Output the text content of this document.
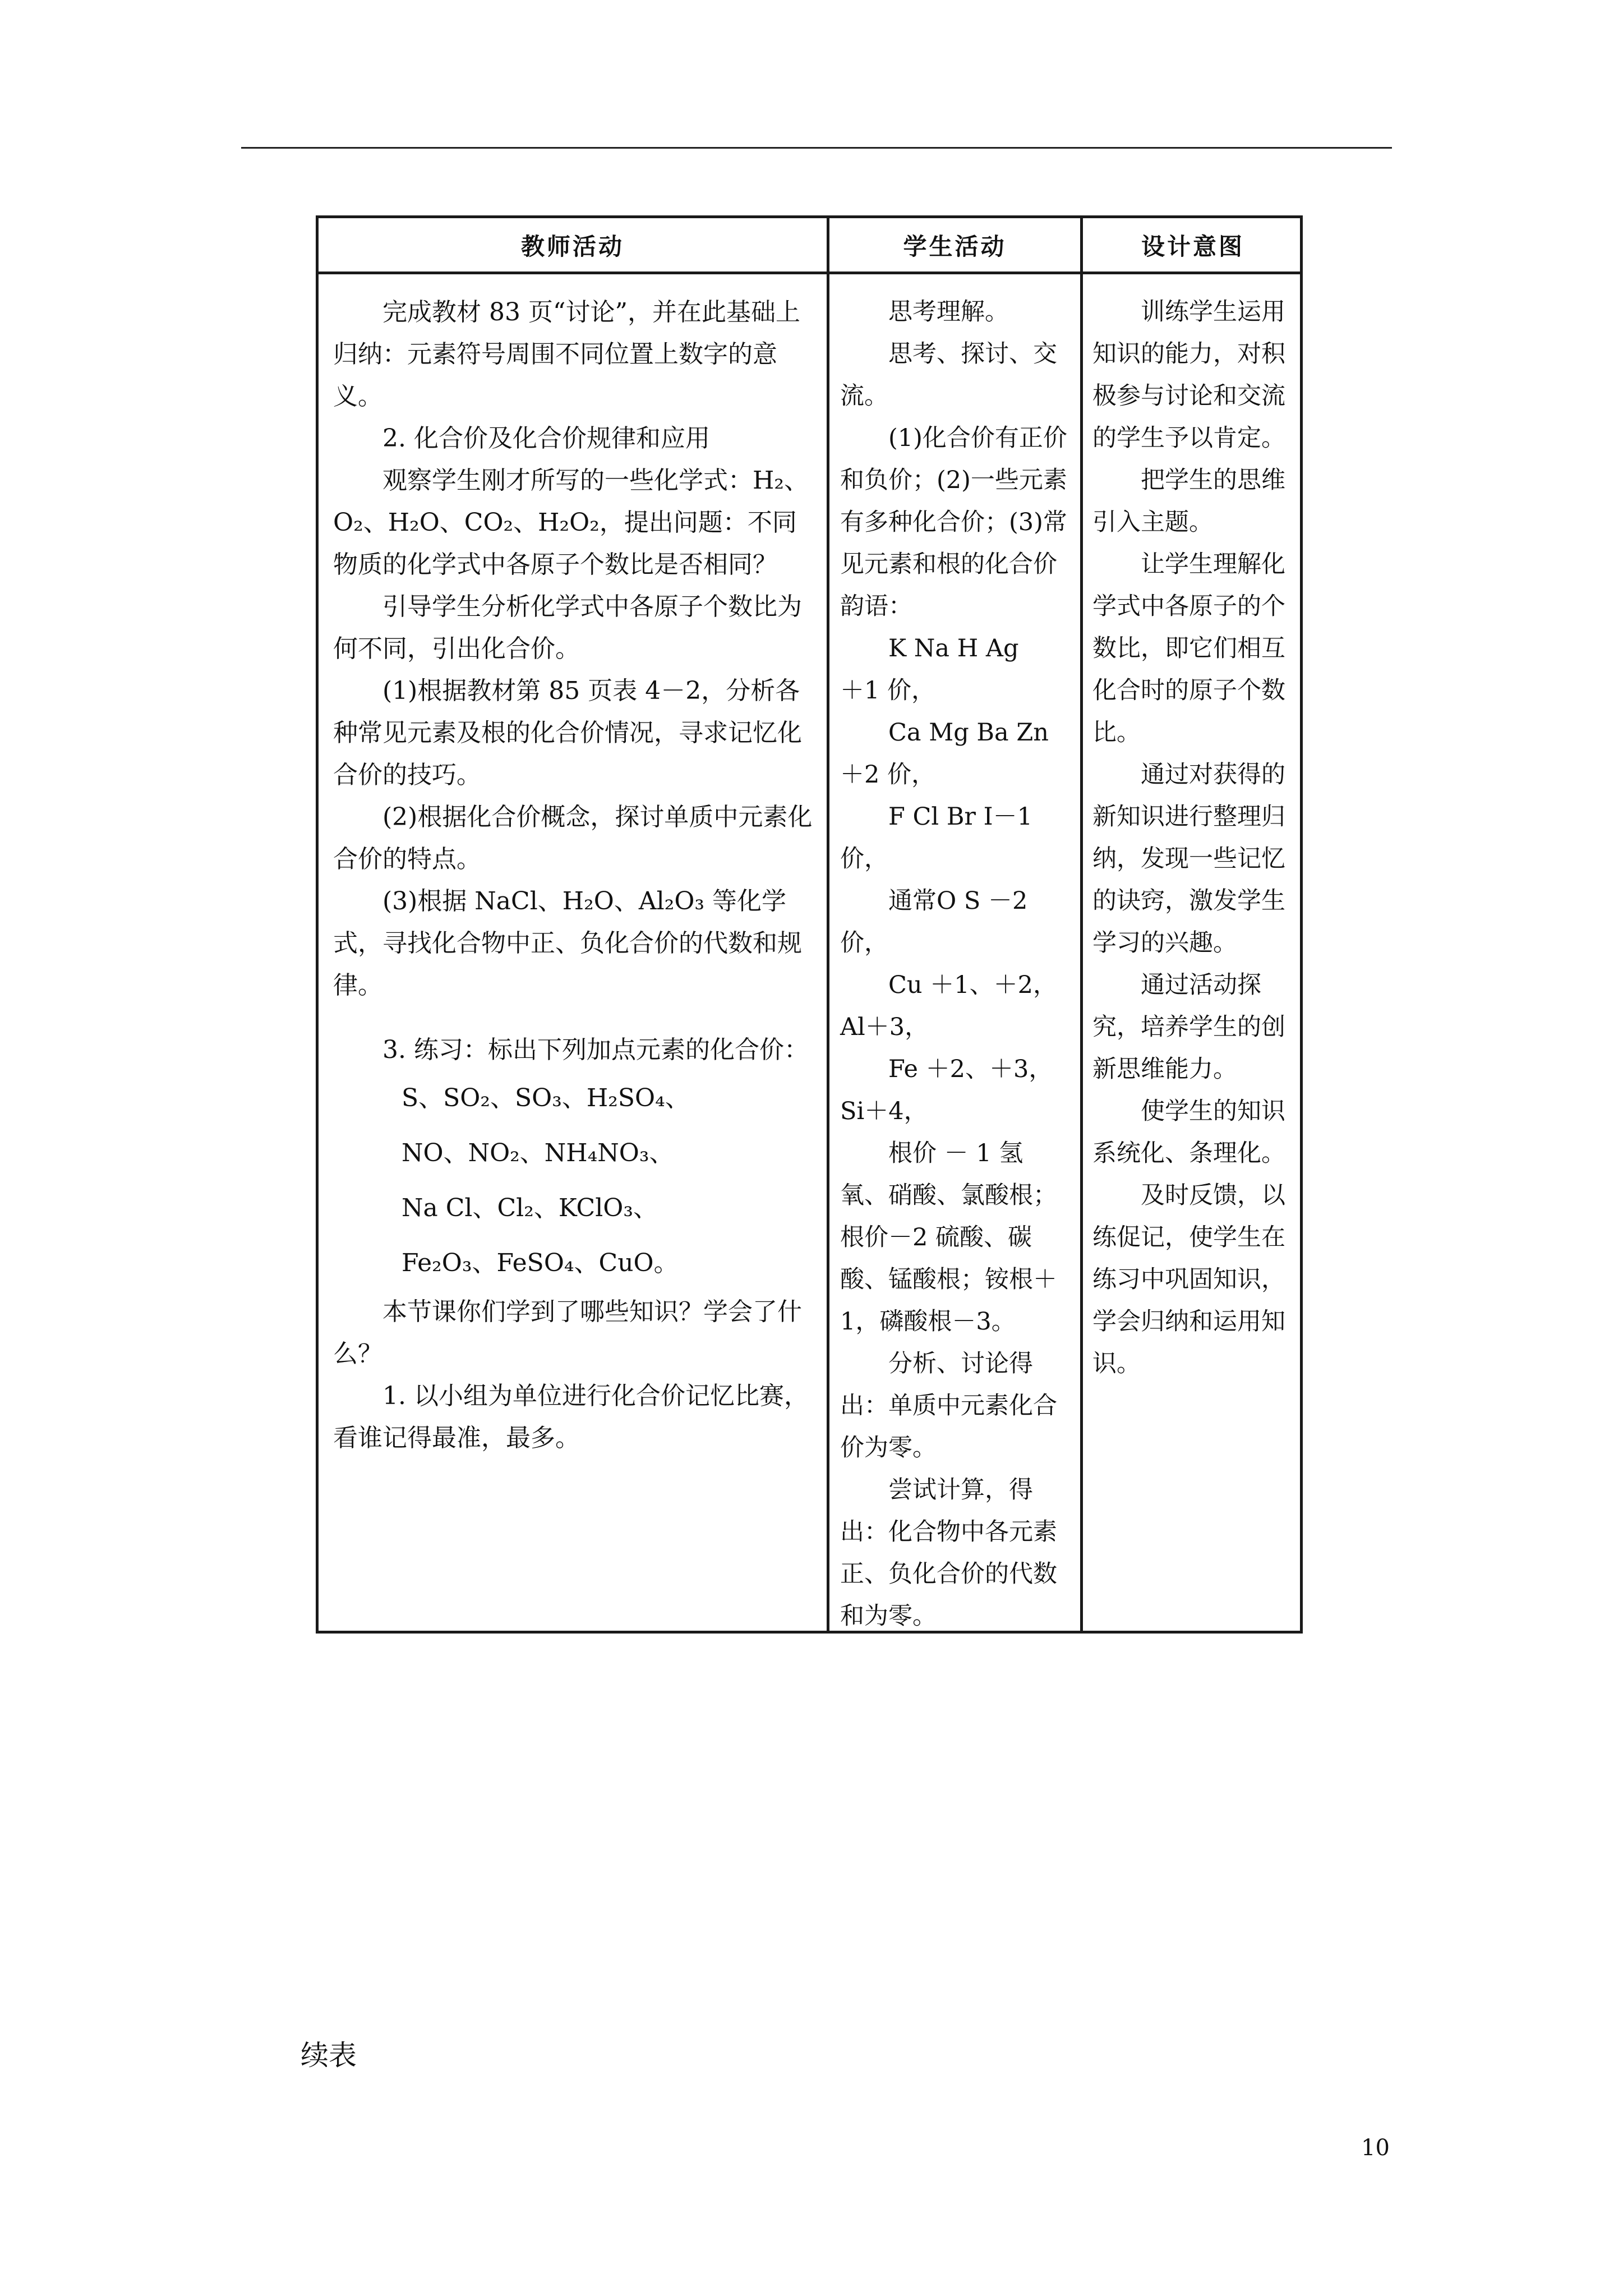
教师活动	学生活动	设计意图

完成教材 83 页“讨论”，并在此基础上归纳：元素符号周围不同位置上数字的意义。

2. 化合价及化合价规律和应用

观察学生刚才所写的一些化学式：H₂、O₂、H₂O、CO₂、H₂O₂，提出问题：不同物质的化学式中各原子个数比是否相同？

引导学生分析化学式中各原子个数比为何不同，引出化合价。

(1)根据教材第 85 页表 4－2，分析各种常见元素及根的化合价情况，寻求记忆化合价的技巧。

(2)根据化合价概念，探讨单质中元素化合价的特点。

(3)根据 NaCl、H₂O、Al₂O₃ 等化学式，寻找化合物中正、负化合价的代数和规律。

3. 练习：标出下列加点元素的化合价：

S、SO₂、SO₃、H₂SO₄、

NO、NO₂、NH₄NO₃、

Na Cl、Cl₂、KClO₃、

Fe₂O₃、FeSO₄、CuO。

本节课你们学到了哪些知识？学会了什么？

1. 以小组为单位进行化合价记忆比赛，看谁记得最准，最多。

思考理解。

思考、探讨、交流。

(1)化合价有正价和负价；(2)一些元素有多种化合价；(3)常见元素和根的化合价韵语：

K Na H Ag

＋1 价，

Ca Mg Ba Zn

＋2 价，

F Cl Br I－1价，

通常O S －2价，

Cu ＋1、＋2，

Al＋3，

Fe ＋2、＋3，

Si＋4，

根价 － 1 氢氧、硝酸、氯酸根；根价－2 硫酸、碳酸、锰酸根；铵根＋1，磷酸根－3。

分析、讨论得出：单质中元素化合价为零。

尝试计算，得出：化合物中各元素正、负化合价的代数和为零。

训练学生运用知识的能力，对积极参与讨论和交流的学生予以肯定。

把学生的思维引入主题。

让学生理解化学式中各原子的个数比，即它们相互化合时的原子个数比。

通过对获得的新知识进行整理归纳，发现一些记忆的诀窍，激发学生学习的兴趣。

通过活动探究，培养学生的创新思维能力。

使学生的知识系统化、条理化。

及时反馈，以练促记，使学生在练习中巩固知识，学会归纳和运用知识。

续表
10
